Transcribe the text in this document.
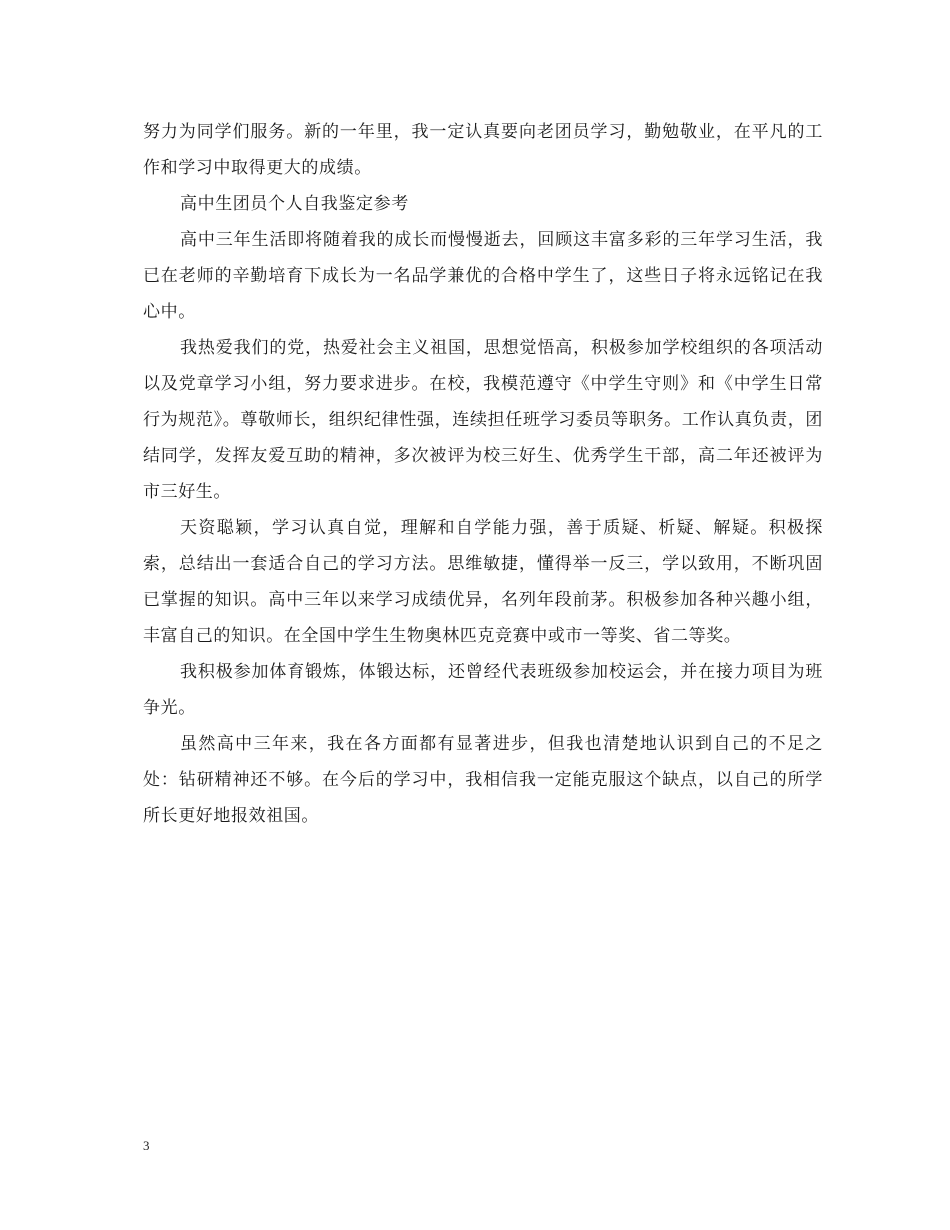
努力为同学们服务。新的一年里，我一定认真要向老团员学习，勤勉敬业，在平凡的工作和学习中取得更大的成绩。

高中生团员个人自我鉴定参考

高中三年生活即将随着我的成长而慢慢逝去，回顾这丰富多彩的三年学习生活，我已在老师的辛勤培育下成长为一名品学兼优的合格中学生了，这些日子将永远铭记在我心中。

我热爱我们的党，热爱社会主义祖国，思想觉悟高，积极参加学校组织的各项活动以及党章学习小组，努力要求进步。在校，我模范遵守《中学生守则》和《中学生日常行为规范》。尊敬师长，组织纪律性强，连续担任班学习委员等职务。工作认真负责，团结同学，发挥友爱互助的精神，多次被评为校三好生、优秀学生干部，高二年还被评为市三好生。

天资聪颖，学习认真自觉，理解和自学能力强，善于质疑、析疑、解疑。积极探索，总结出一套适合自己的学习方法。思维敏捷，懂得举一反三，学以致用，不断巩固已掌握的知识。高中三年以来学习成绩优异，名列年段前茅。积极参加各种兴趣小组，丰富自己的知识。在全国中学生生物奥林匹克竞赛中或市一等奖、省二等奖。

我积极参加体育锻炼，体锻达标，还曾经代表班级参加校运会，并在接力项目为班争光。

虽然高中三年来，我在各方面都有显著进步，但我也清楚地认识到自己的不足之处：钻研精神还不够。在今后的学习中，我相信我一定能克服这个缺点，以自己的所学所长更好地报效祖国。

3
